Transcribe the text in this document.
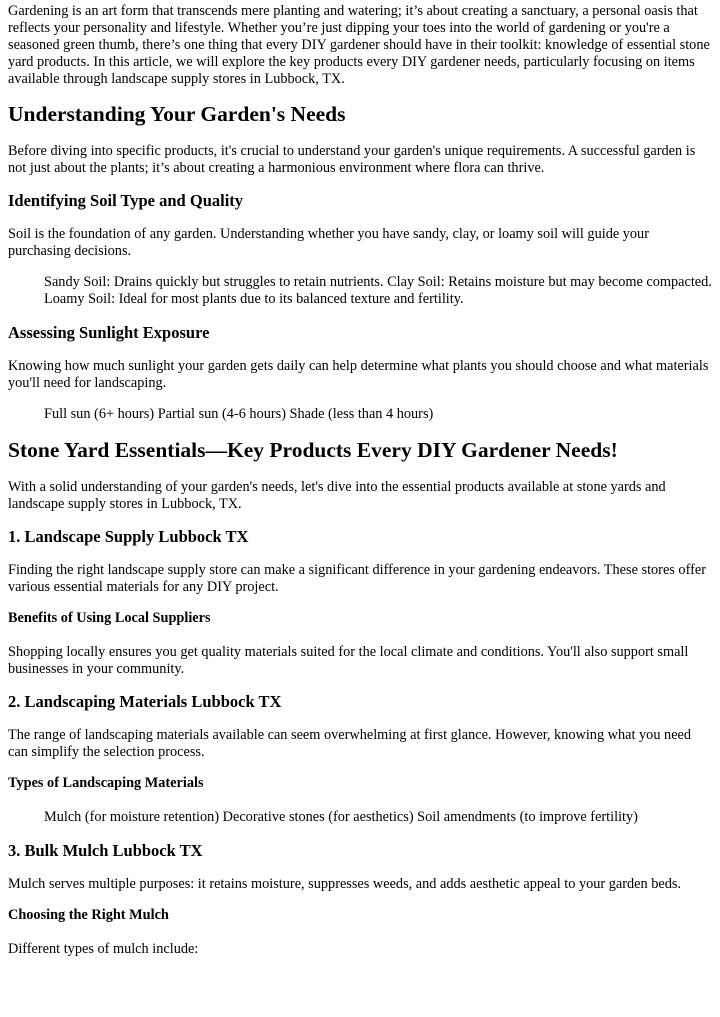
Gardening is an art form that transcends mere planting and watering; it’s about creating a sanctuary, a personal oasis that reflects your personality and lifestyle. Whether you’re just dipping your toes into the world of gardening or you're a seasoned green thumb, there’s one thing that every DIY gardener should have in their toolkit: knowledge of essential stone yard products. In this article, we will explore the key products every DIY gardener needs, particularly focusing on items available through landscape supply stores in Lubbock, TX.

Understanding Your Garden's Needs

Before diving into specific products, it's crucial to understand your garden's unique requirements. A successful garden is not just about the plants; it’s about creating a harmonious environment where flora can thrive.

Identifying Soil Type and Quality

Soil is the foundation of any garden. Understanding whether you have sandy, clay, or loamy soil will guide your purchasing decisions.

Sandy Soil: Drains quickly but struggles to retain nutrients. Clay Soil: Retains moisture but may become compacted. Loamy Soil: Ideal for most plants due to its balanced texture and fertility.

Assessing Sunlight Exposure

Knowing how much sunlight your garden gets daily can help determine what plants you should choose and what materials you'll need for landscaping.

Full sun (6+ hours) Partial sun (4-6 hours) Shade (less than 4 hours)

Stone Yard Essentials—Key Products Every DIY Gardener Needs!

With a solid understanding of your garden's needs, let's dive into the essential products available at stone yards and landscape supply stores in Lubbock, TX.

1. Landscape Supply Lubbock TX

Finding the right landscape supply store can make a significant difference in your gardening endeavors. These stores offer various essential materials for any DIY project.

Benefits of Using Local Suppliers

Shopping locally ensures you get quality materials suited for the local climate and conditions. You'll also support small businesses in your community.

2. Landscaping Materials Lubbock TX

The range of landscaping materials available can seem overwhelming at first glance. However, knowing what you need can simplify the selection process.

Types of Landscaping Materials

Mulch (for moisture retention) Decorative stones (for aesthetics) Soil amendments (to improve fertility)

3. Bulk Mulch Lubbock TX

Mulch serves multiple purposes: it retains moisture, suppresses weeds, and adds aesthetic appeal to your garden beds.

Choosing the Right Mulch

Different types of mulch include:
